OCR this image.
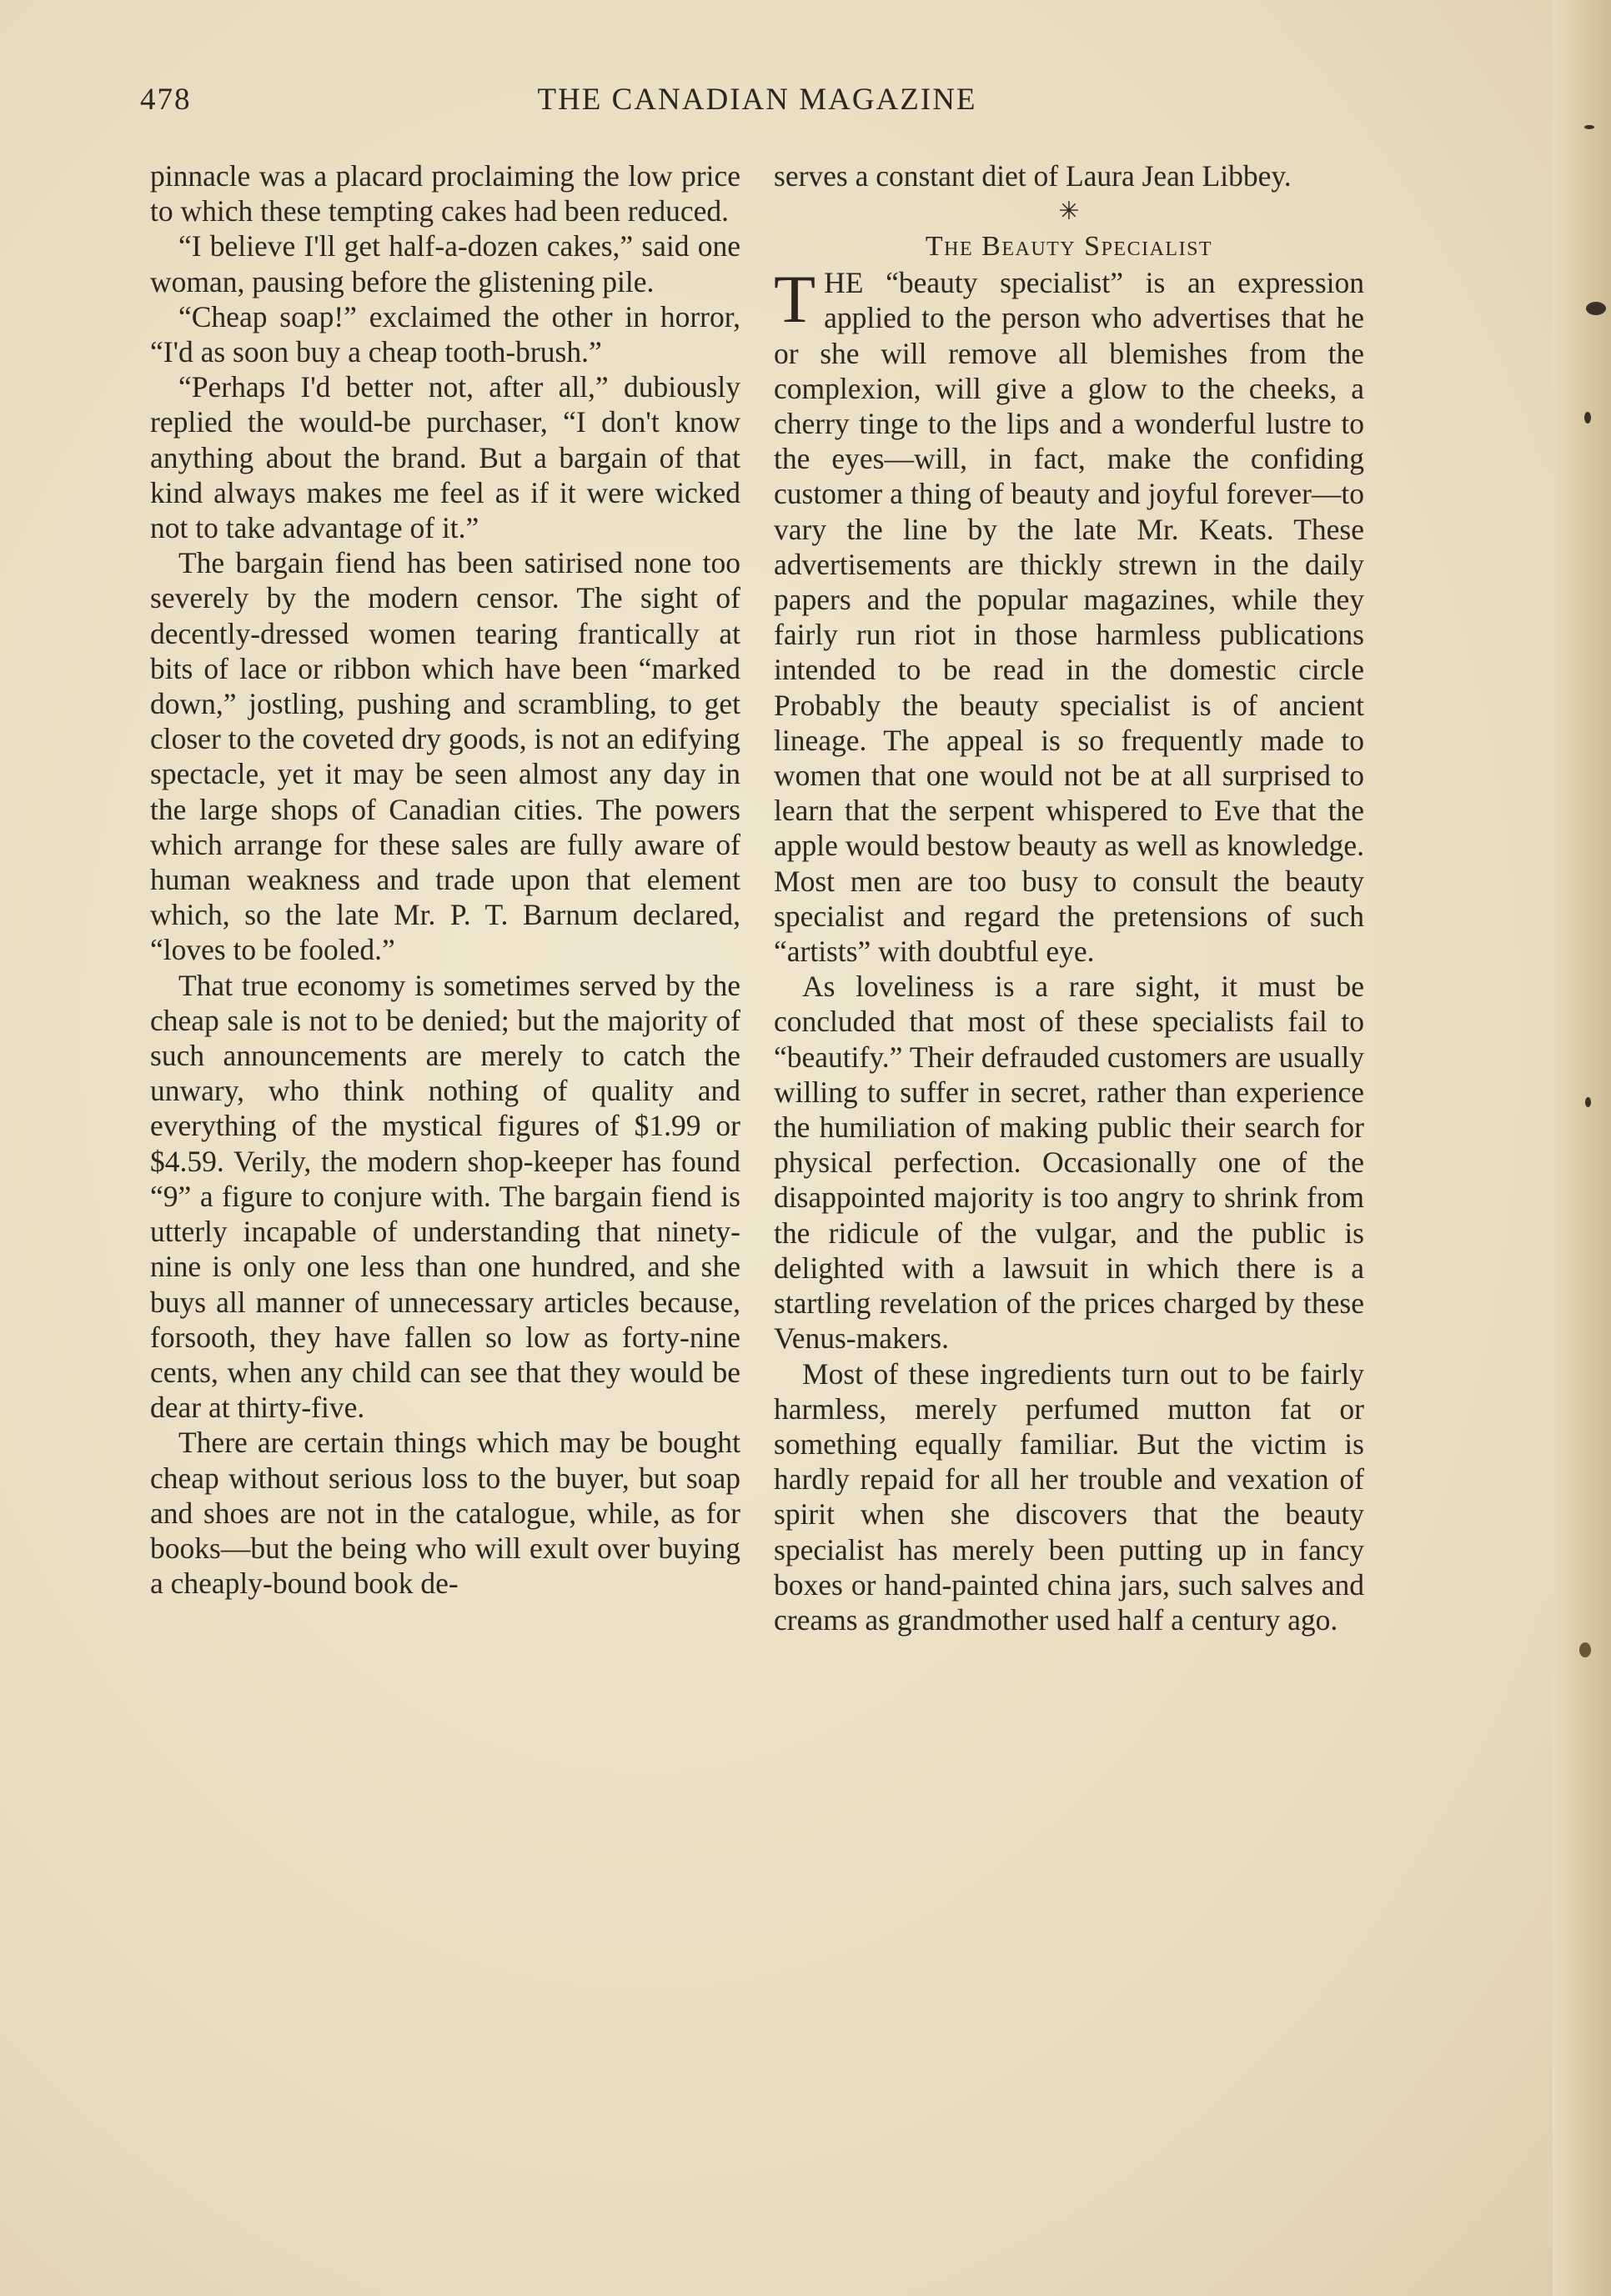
478	THE CANADIAN MAGAZINE

pinnacle was a placard proclaiming the low price to which these tempting cakes had been reduced.

“I believe I'll get half-a-dozen cakes,” said one woman, pausing before the glistening pile.

“Cheap soap!” exclaimed the other in horror, “I'd as soon buy a cheap tooth-brush.”

“Perhaps I'd better not, after all,” dubiously replied the would-be purchaser, “I don't know anything about the brand. But a bargain of that kind always makes me feel as if it were wicked not to take advantage of it.”

The bargain fiend has been satirised none too severely by the modern censor. The sight of decently-dressed women tearing frantically at bits of lace or ribbon which have been “marked down,” jostling, pushing and scrambling, to get closer to the coveted dry goods, is not an edifying spectacle, yet it may be seen almost any day in the large shops of Canadian cities. The powers which arrange for these sales are fully aware of human weakness and trade upon that element which, so the late Mr. P. T. Barnum declared, “loves to be fooled.”

That true economy is sometimes served by the cheap sale is not to be denied; but the majority of such announcements are merely to catch the unwary, who think nothing of quality and everything of the mystical figures of $1.99 or $4.59. Verily, the modern shop-keeper has found “9” a figure to conjure with. The bargain fiend is utterly incapable of understanding that ninety-nine is only one less than one hundred, and she buys all manner of unnecessary articles because, forsooth, they have fallen so low as forty-nine cents, when any child can see that they would be dear at thirty-five.

There are certain things which may be bought cheap without serious loss to the buyer, but soap and shoes are not in the catalogue, while, as for books—but the being who will exult over buying a cheaply-bound book de-

serves a constant diet of Laura Jean Libbey.

✳
The Beauty Specialist

THE “beauty specialist” is an expression applied to the person who advertises that he or she will remove all blemishes from the complexion, will give a glow to the cheeks, a cherry tinge to the lips and a wonderful lustre to the eyes—will, in fact, make the confiding customer a thing of beauty and joyful forever—to vary the line by the late Mr. Keats. These advertisements are thickly strewn in the daily papers and the popular magazines, while they fairly run riot in those harmless publications intended to be read in the domestic circle Probably the beauty specialist is of ancient lineage. The appeal is so frequently made to women that one would not be at all surprised to learn that the serpent whispered to Eve that the apple would bestow beauty as well as knowledge. Most men are too busy to consult the beauty specialist and regard the pretensions of such “artists” with doubtful eye.

As loveliness is a rare sight, it must be concluded that most of these specialists fail to “beautify.” Their defrauded customers are usually willing to suffer in secret, rather than experience the humiliation of making public their search for physical perfection. Occasionally one of the disappointed majority is too angry to shrink from the ridicule of the vulgar, and the public is delighted with a lawsuit in which there is a startling revelation of the prices charged by these Venus-makers.

Most of these ingredients turn out to be fairly harmless, merely perfumed mutton fat or something equally familiar. But the victim is hardly repaid for all her trouble and vexation of spirit when she discovers that the beauty specialist has merely been putting up in fancy boxes or hand-painted china jars, such salves and creams as grandmother used half a century ago.
